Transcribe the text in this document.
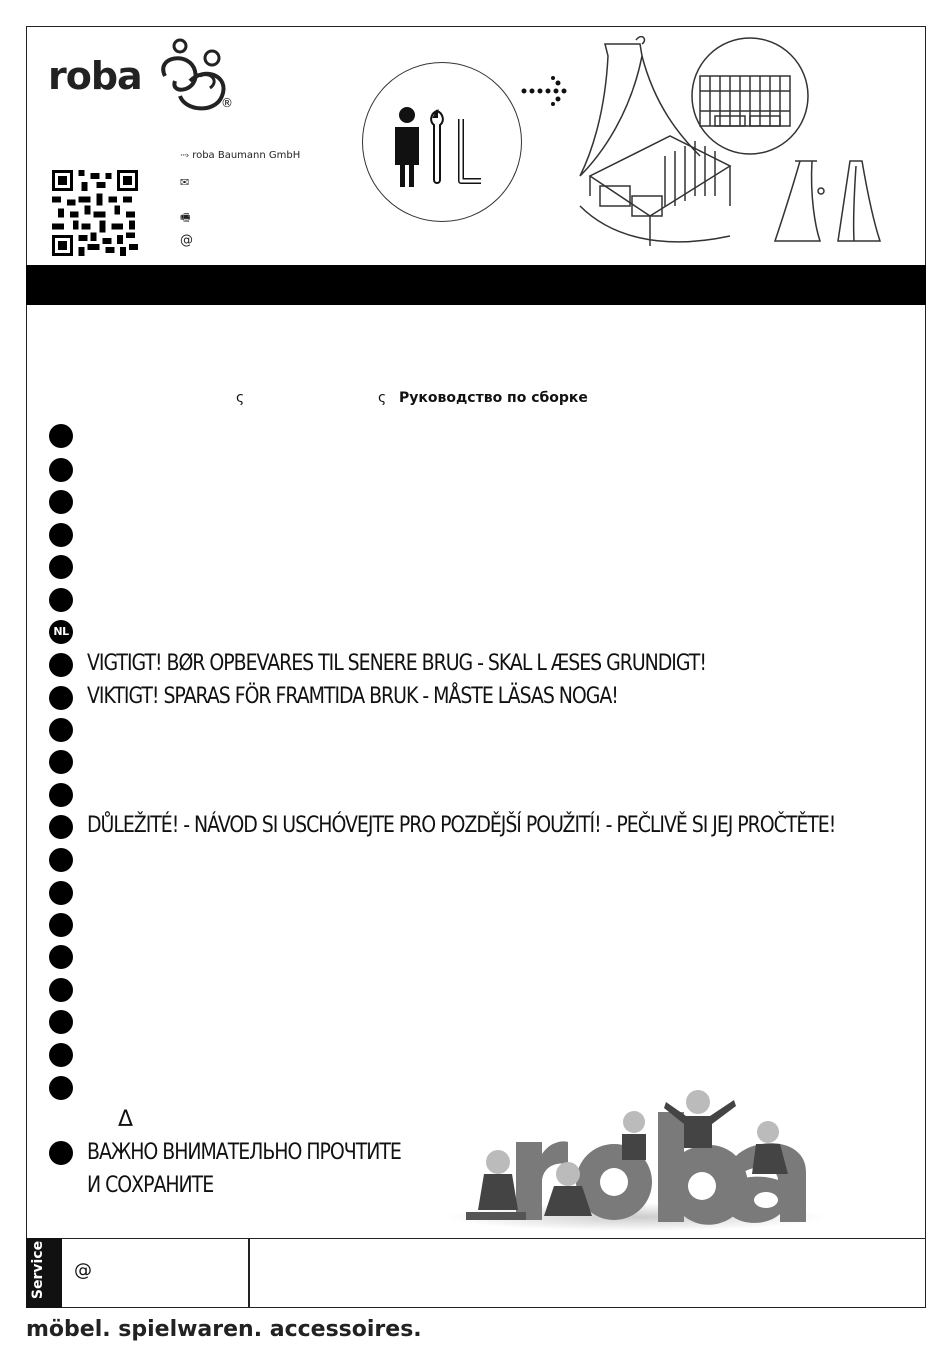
roba
®
···› roba Baumann GmbH
✉
🖷
@
ς	ς Руководство по сборке
NL
VIGTIGT! BØR OPBEVARES TIL SENERE BRUG - SKAL L ÆSES GRUNDIGT!
VIKTIGT! SPARAS FÖR FRAMTIDA BRUK - MÅSTE LÄSAS NOGA!
DŮLEŽITÉ! - NÁVOD SI USCHÓVEJTE PRO POZDĚJŠÍ POUŽITÍ! - PEČLIVĚ SI JEJ PROČTĚTE!
Δ
ВАЖНО ВНИМАТЕЛЬНО ПРОЧТИТЕ
И СОХРАНИТЕ
Service @
möbel. spielwaren. accessoires.
